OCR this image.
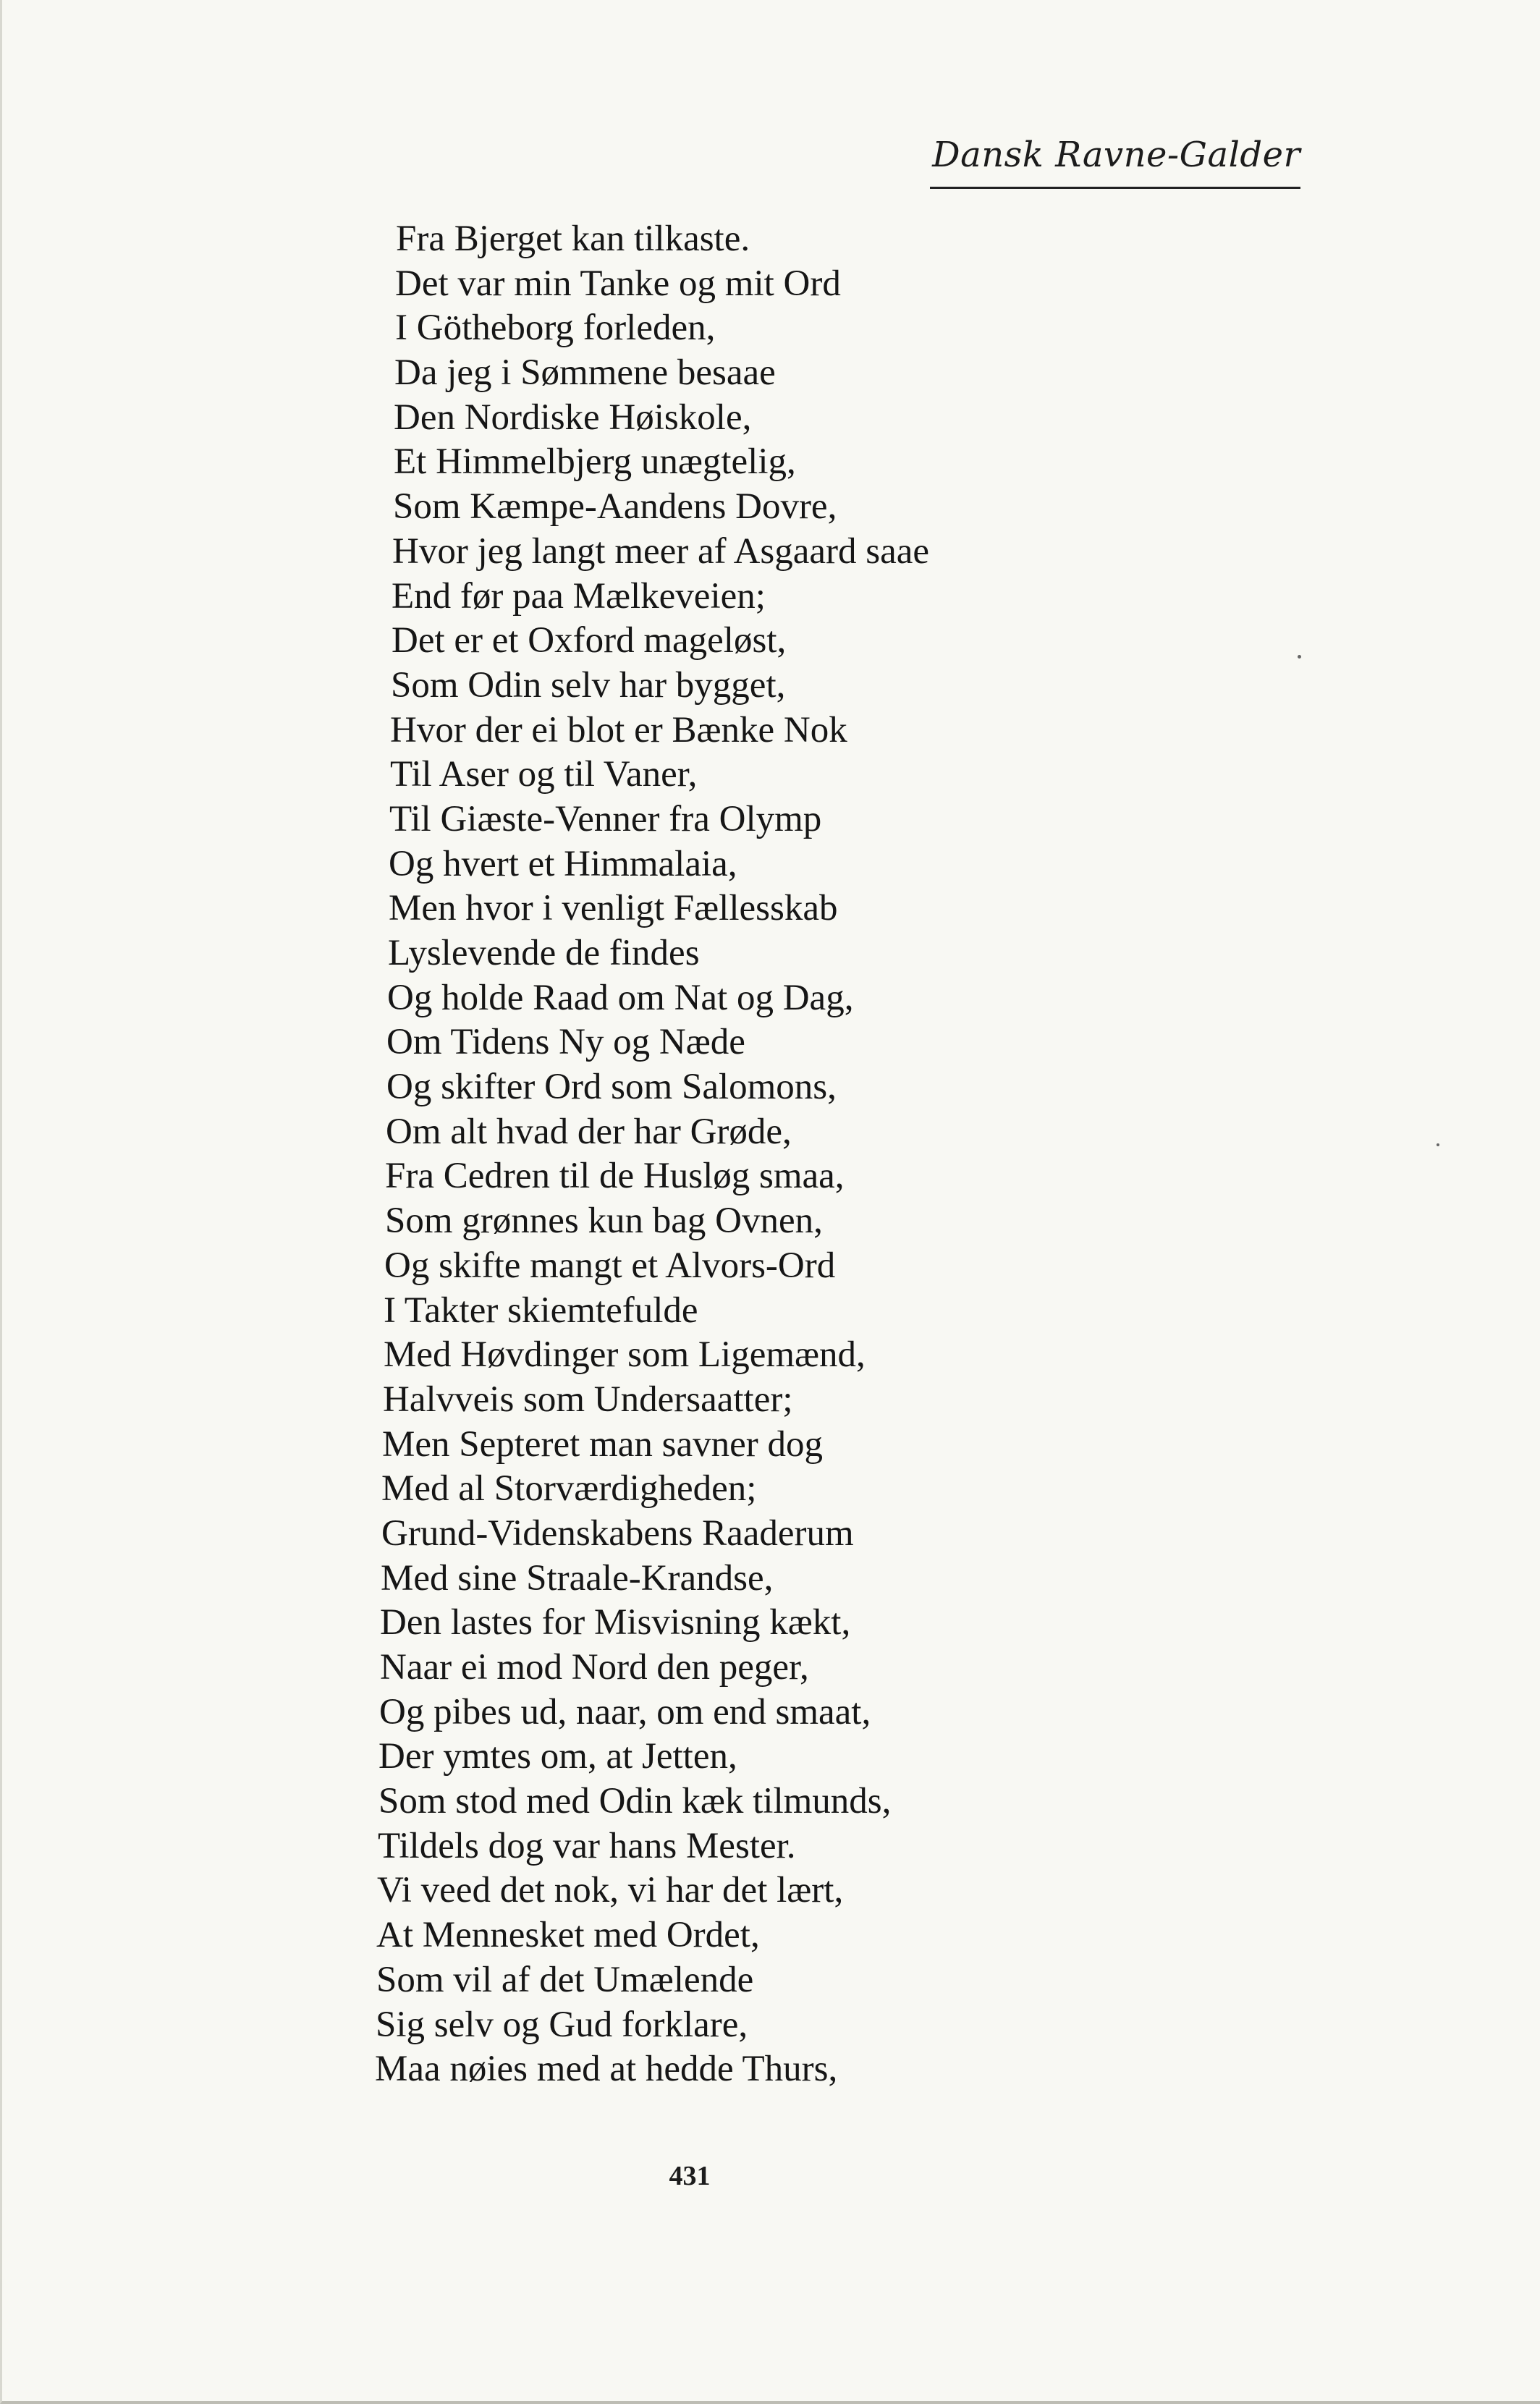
Dansk Ravne-Galder
Fra Bjerget kan tilkaste.
Det var min Tanke og mit Ord
I Götheborg forleden,
Da jeg i Sømmene besaae
Den Nordiske Høiskole,
Et Himmelbjerg unægtelig,
Som Kæmpe-Aandens Dovre,
Hvor jeg langt meer af Asgaard saae
End før paa Mælkeveien;
Det er et Oxford mageløst,
Som Odin selv har bygget,
Hvor der ei blot er Bænke Nok
Til Aser og til Vaner,
Til Giæste-Venner fra Olymp
Og hvert et Himmalaia,
Men hvor i venligt Fællesskab
Lyslevende de findes
Og holde Raad om Nat og Dag,
Om Tidens Ny og Næde
Og skifter Ord som Salomons,
Om alt hvad der har Grøde,
Fra Cedren til de Husløg smaa,
Som grønnes kun bag Ovnen,
Og skifte mangt et Alvors-Ord
I Takter skiemtefulde
Med Høvdinger som Ligemænd,
Halvveis som Undersaatter;
Men Septeret man savner dog
Med al Storværdigheden;
Grund-Videnskabens Raaderum
Med sine Straale-Krandse,
Den lastes for Misvisning kækt,
Naar ei mod Nord den peger,
Og pibes ud, naar, om end smaat,
Der ymtes om, at Jetten,
Som stod med Odin kæk tilmunds,
Tildels dog var hans Mester.
Vi veed det nok, vi har det lært,
At Mennesket med Ordet,
Som vil af det Umælende
Sig selv og Gud forklare,
Maa nøies med at hedde Thurs,
431
